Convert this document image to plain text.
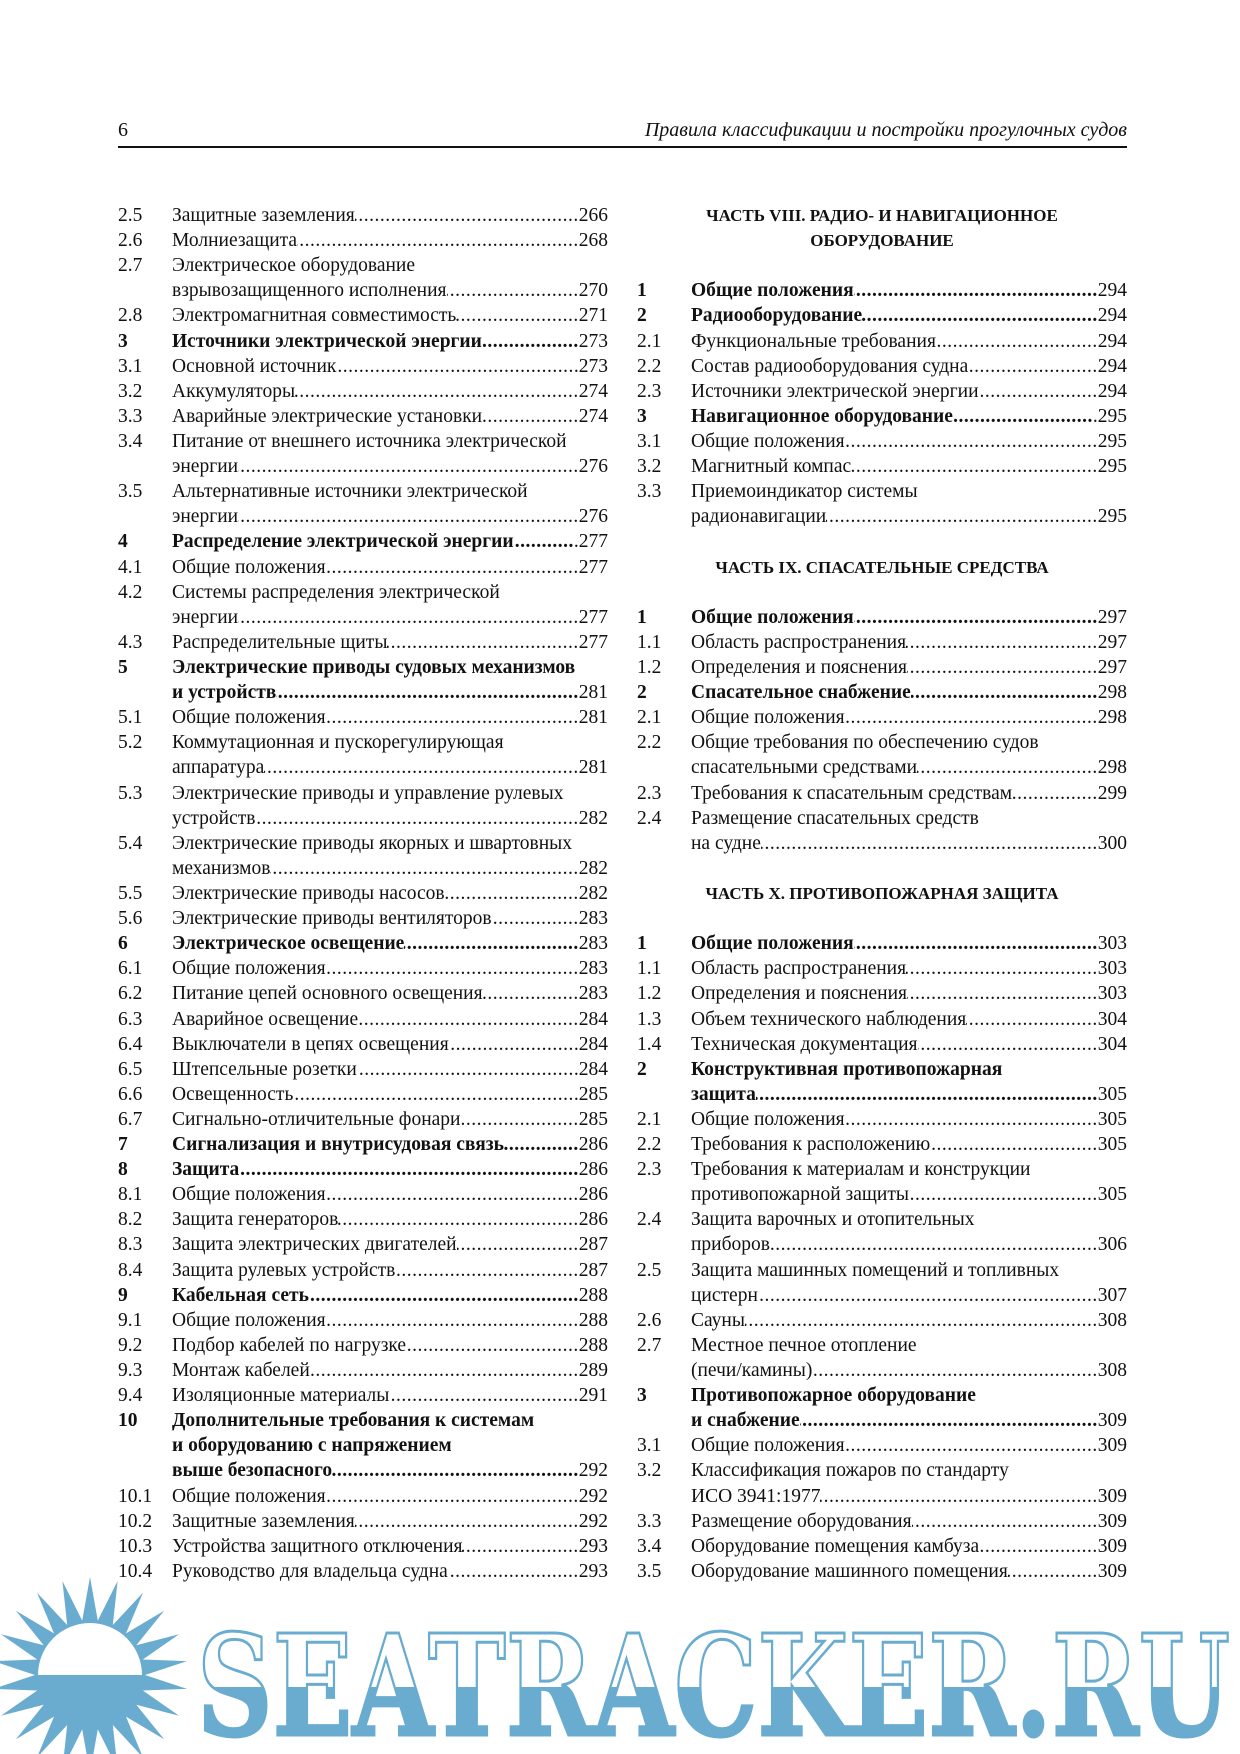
6	Правила классификации и постройки прогулочных судов
2.5	Защитные заземления .....	266
2.6	Молниезащита .....	268
2.7	Электрическое оборудование
взрывозащищенного исполнения .....	270
2.8	Электромагнитная совместимость .....	271
3	Источники электрической энергии .....	273
3.1	Основной источник .....	.273
3.2	Аккумуляторы .....	274
3.3	Аварийные электрические установки .....	274
3.4	Питание от внешнего источника электрической
энергии .....	276
3.5	Альтернативные источники электрической
энергии .....	276
4	Распределение электрической энергии .....	.277
4.1	Общие положения .....	277
4.2	Системы распределения электрической
энергии .....	277
4.3	Распределительные щиты .....	277
5	Электрические приводы судовых механизмов
и устройств .....	281
5.1	Общие положения .....	281
5.2	Коммутационная и пускорегулирующая
аппаратура .....	281
5.3	Электрические приводы и управление рулевых
устройств .....	282
5.4	Электрические приводы якорных и швартовных
механизмов .....	282
5.5	Электрические приводы насосов .....	282
5.6	Электрические приводы вентиляторов .....	283
6	Электрическое освещение .....	283
6.1	Общие положения .....	283
6.2	Питание цепей основного освещения .....	283
6.3	Аварийное освещение .....	284
6.4	Выключатели в цепях освещения .....	.284
6.5	Штепсельные розетки .....	.284
6.6	Освещенность .....	.285
6.7	Сигнально-отличительные фонари .....	285
7	Сигнализация и внутрисудовая связь .....	286
8	Защита .....	286
8.1	Общие положения .....	286
8.2	Защита генераторов .....	286
8.3	Защита электрических двигателей .....	287
8.4	Защита рулевых устройств .....	287
9	Кабельная сеть .....	288
9.1	Общие положения .....	288
9.2	Подбор кабелей по нагрузке .....	288
9.3	Монтаж кабелей .....	289
9.4	Изоляционные материалы .....	291
10	Дополнительные требования к системам
и оборудованию с напряжением
выше безопасного .....	292
10.1	Общие положения .....	292
10.2	Защитные заземления .....	292
10.3	Устройства защитного отключения .....	293
10.4	Руководство для владельца судна .....	293
ЧАСТЬ VIII. РАДИО- И НАВИГАЦИОННОЕ
ОБОРУДОВАНИЕ
1	Общие положения .....	294
2	Радиооборудование .....	294
2.1	Функциональные требования .....	294
2.2	Состав радиооборудования судна .....	294
2.3	Источники электрической энергии .....	294
3	Навигационное оборудование .....	.295
3.1	Общие положения .....	295
3.2	Магнитный компас .....	295
3.3	Приемоиндикатор системы
радионавигации .....	295
ЧАСТЬ IX. СПАСАТЕЛЬНЫЕ СРЕДСТВА
1	Общие положения .....	297
1.1	Область распространения .....	297
1.2	Определения и пояснения .....	297
2	Спасательное снабжение .....	298
2.1	Общие положения .....	298
2.2	Общие требования по обеспечению судов
спасательными средствами .....	298
2.3	Требования к спасательным средствам .....	299
2.4	Размещение спасательных средств
на судне .....	300
ЧАСТЬ X. ПРОТИВОПОЖАРНАЯ ЗАЩИТА
1	Общие положения .....	303
1.1	Область распространения .....	303
1.2	Определения и пояснения .....	303
1.3	Объем технического наблюдения .....	304
1.4	Техническая документация .....	304
2	Конструктивная противопожарная
защита .....	305
2.1	Общие положения .....	305
2.2	Требования к расположению .....	305
2.3	Требования к материалам и конструкции
противопожарной защиты .....	305
2.4	Защита варочных и отопительных
приборов .....	306
2.5	Защита машинных помещений и топливных
цистерн .....	307
2.6	Сауны .....	308
2.7	Местное печное отопление
(печи/камины) .....	308
3	Противопожарное оборудование
и снабжение .....	309
3.1	Общие положения .....	309
3.2	Классификация пожаров по стандарту
ИСО 3941:1977 .....	309
3.3	Размещение оборудования .....	309
3.4	Оборудование помещения камбуза .....	309
3.5	Оборудование машинного помещения .....	309
SEATRACKER.RU
